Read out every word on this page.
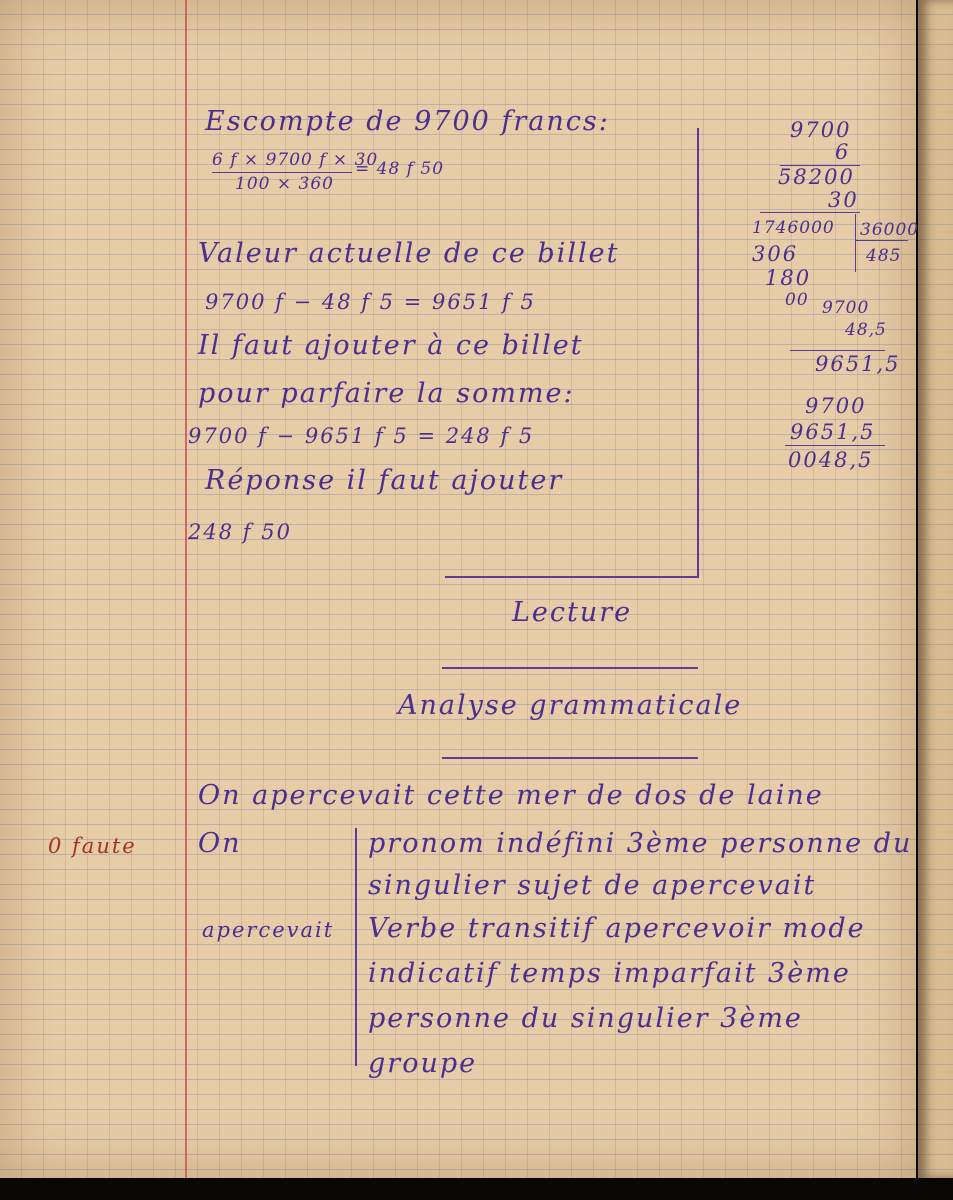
Escompte de 9700 francs:
6 f × 9700 f × 30
100 × 360
= 48 f 50
Valeur actuelle de ce billet
9700 f − 48 f 5 = 9651 f 5
Il faut ajouter à ce billet
pour parfaire la somme:
9700 f − 9651 f 5 = 248 f 5
Réponse il faut ajouter
248 f 50
9700
6
58200
30
1746000 36000
306	485
180
00 9700
48,5
9651,5
9700
9651,5
0048,5
Lecture
Analyse grammaticale
On apercevait cette mer de dos de laine
0 faute On	pronom indéfini 3ème personne du
singulier sujet de apercevait
apercevait Verbe transitif apercevoir mode
indicatif temps imparfait 3ème
personne du singulier 3ème
groupe
